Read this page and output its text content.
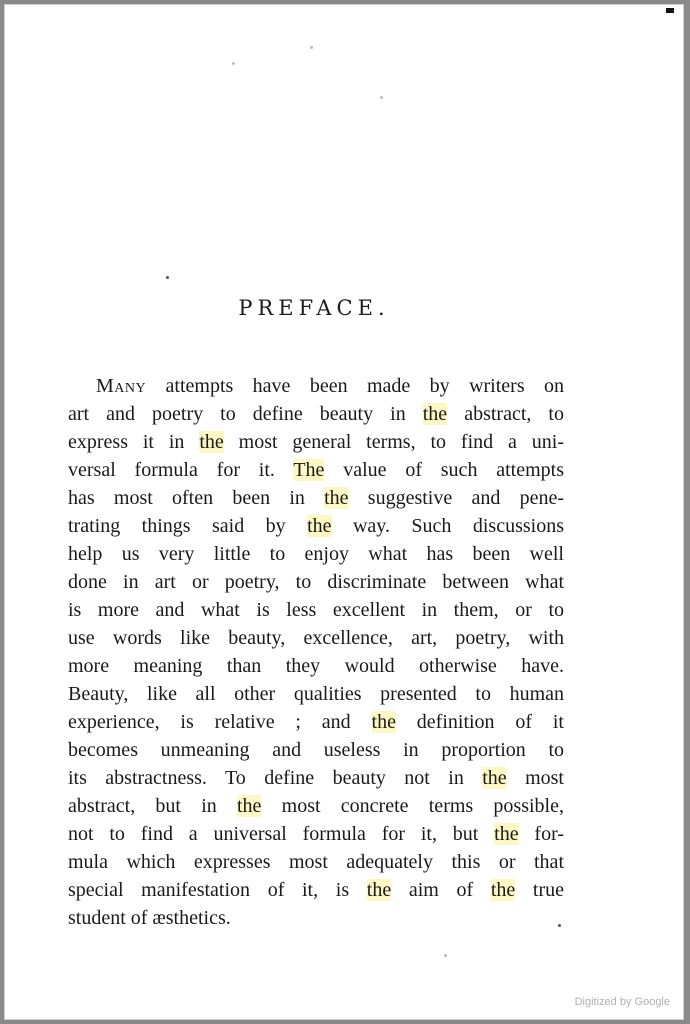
PREFACE.
Many attempts have been made by writers on
art and poetry to define beauty in the abstract, to
express it in the most general terms, to find a uni-
versal formula for it. The value of such attempts
has most often been in the suggestive and pene-
trating things said by the way. Such discussions
help us very little to enjoy what has been well
done in art or poetry, to discriminate between what
is more and what is less excellent in them, or to
use words like beauty, excellence, art, poetry, with
more meaning than they would otherwise have.
Beauty, like all other qualities presented to human
experience, is relative ; and the definition of it
becomes unmeaning and useless in proportion to
its abstractness. To define beauty not in the most
abstract, but in the most concrete terms possible,
not to find a universal formula for it, but the for-
mula which expresses most adequately this or that
special manifestation of it, is the aim of the true
student of æsthetics.
Digitized by Google
